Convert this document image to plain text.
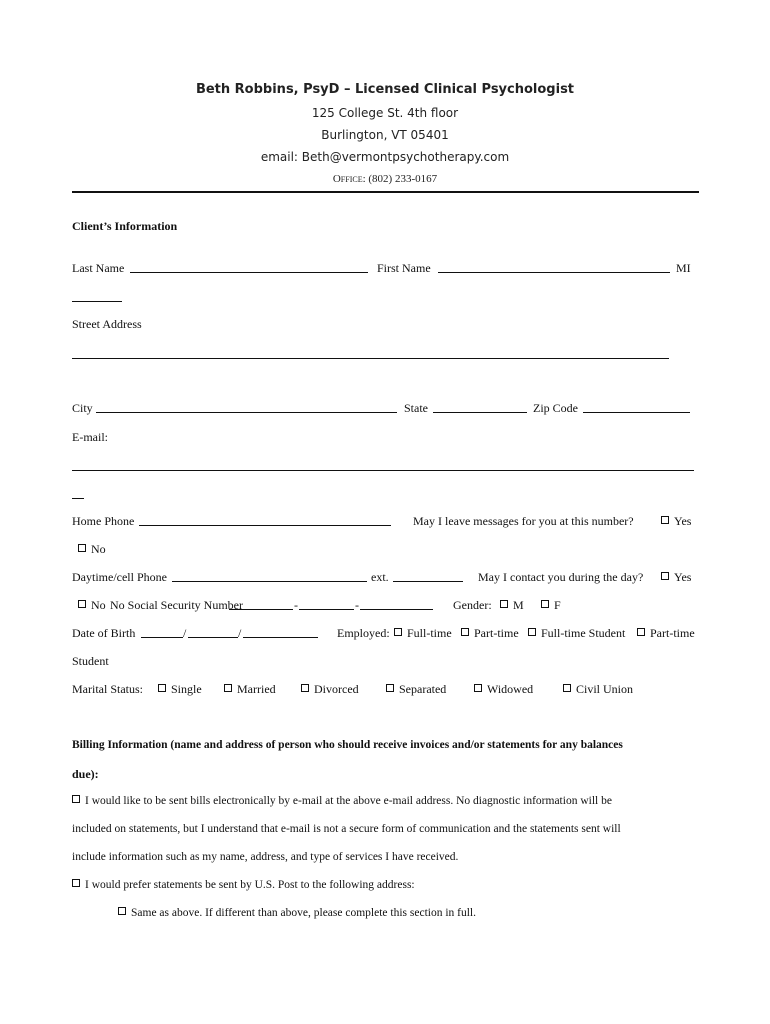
Beth Robbins, PsyD – Licensed Clinical Psychologist
125 College St. 4th floor
Burlington, VT 05401
email: Beth@vermontpsychotherapy.com
Office: (802) 233-0167
Client’s Information
Last Name	First Name	MI
Street Address
City	State	Zip Code
E-mail:
Home Phone	May I leave messages for you at this number?	Yes
No
Daytime/cell Phone	ext.	May I contact you during the day?	Yes
No No Social Security Number	-	-	Gender:	M	F
Date of Birth	/	/	Employed:	Full-time	Part-time	Full-time Student	Part-time
Student
Marital Status:	Single	Married	Divorced	Separated	Widowed	Civil Union
Billing Information (name and address of person who should receive invoices and/or statements for any balances
due):
I would like to be sent bills electronically by e-mail at the above e-mail address. No diagnostic information will be
included on statements, but I understand that e-mail is not a secure form of communication and the statements sent will
include information such as my name, address, and type of services I have received.
I would prefer statements be sent by U.S. Post to the following address:
Same as above. If different than above, please complete this section in full.
